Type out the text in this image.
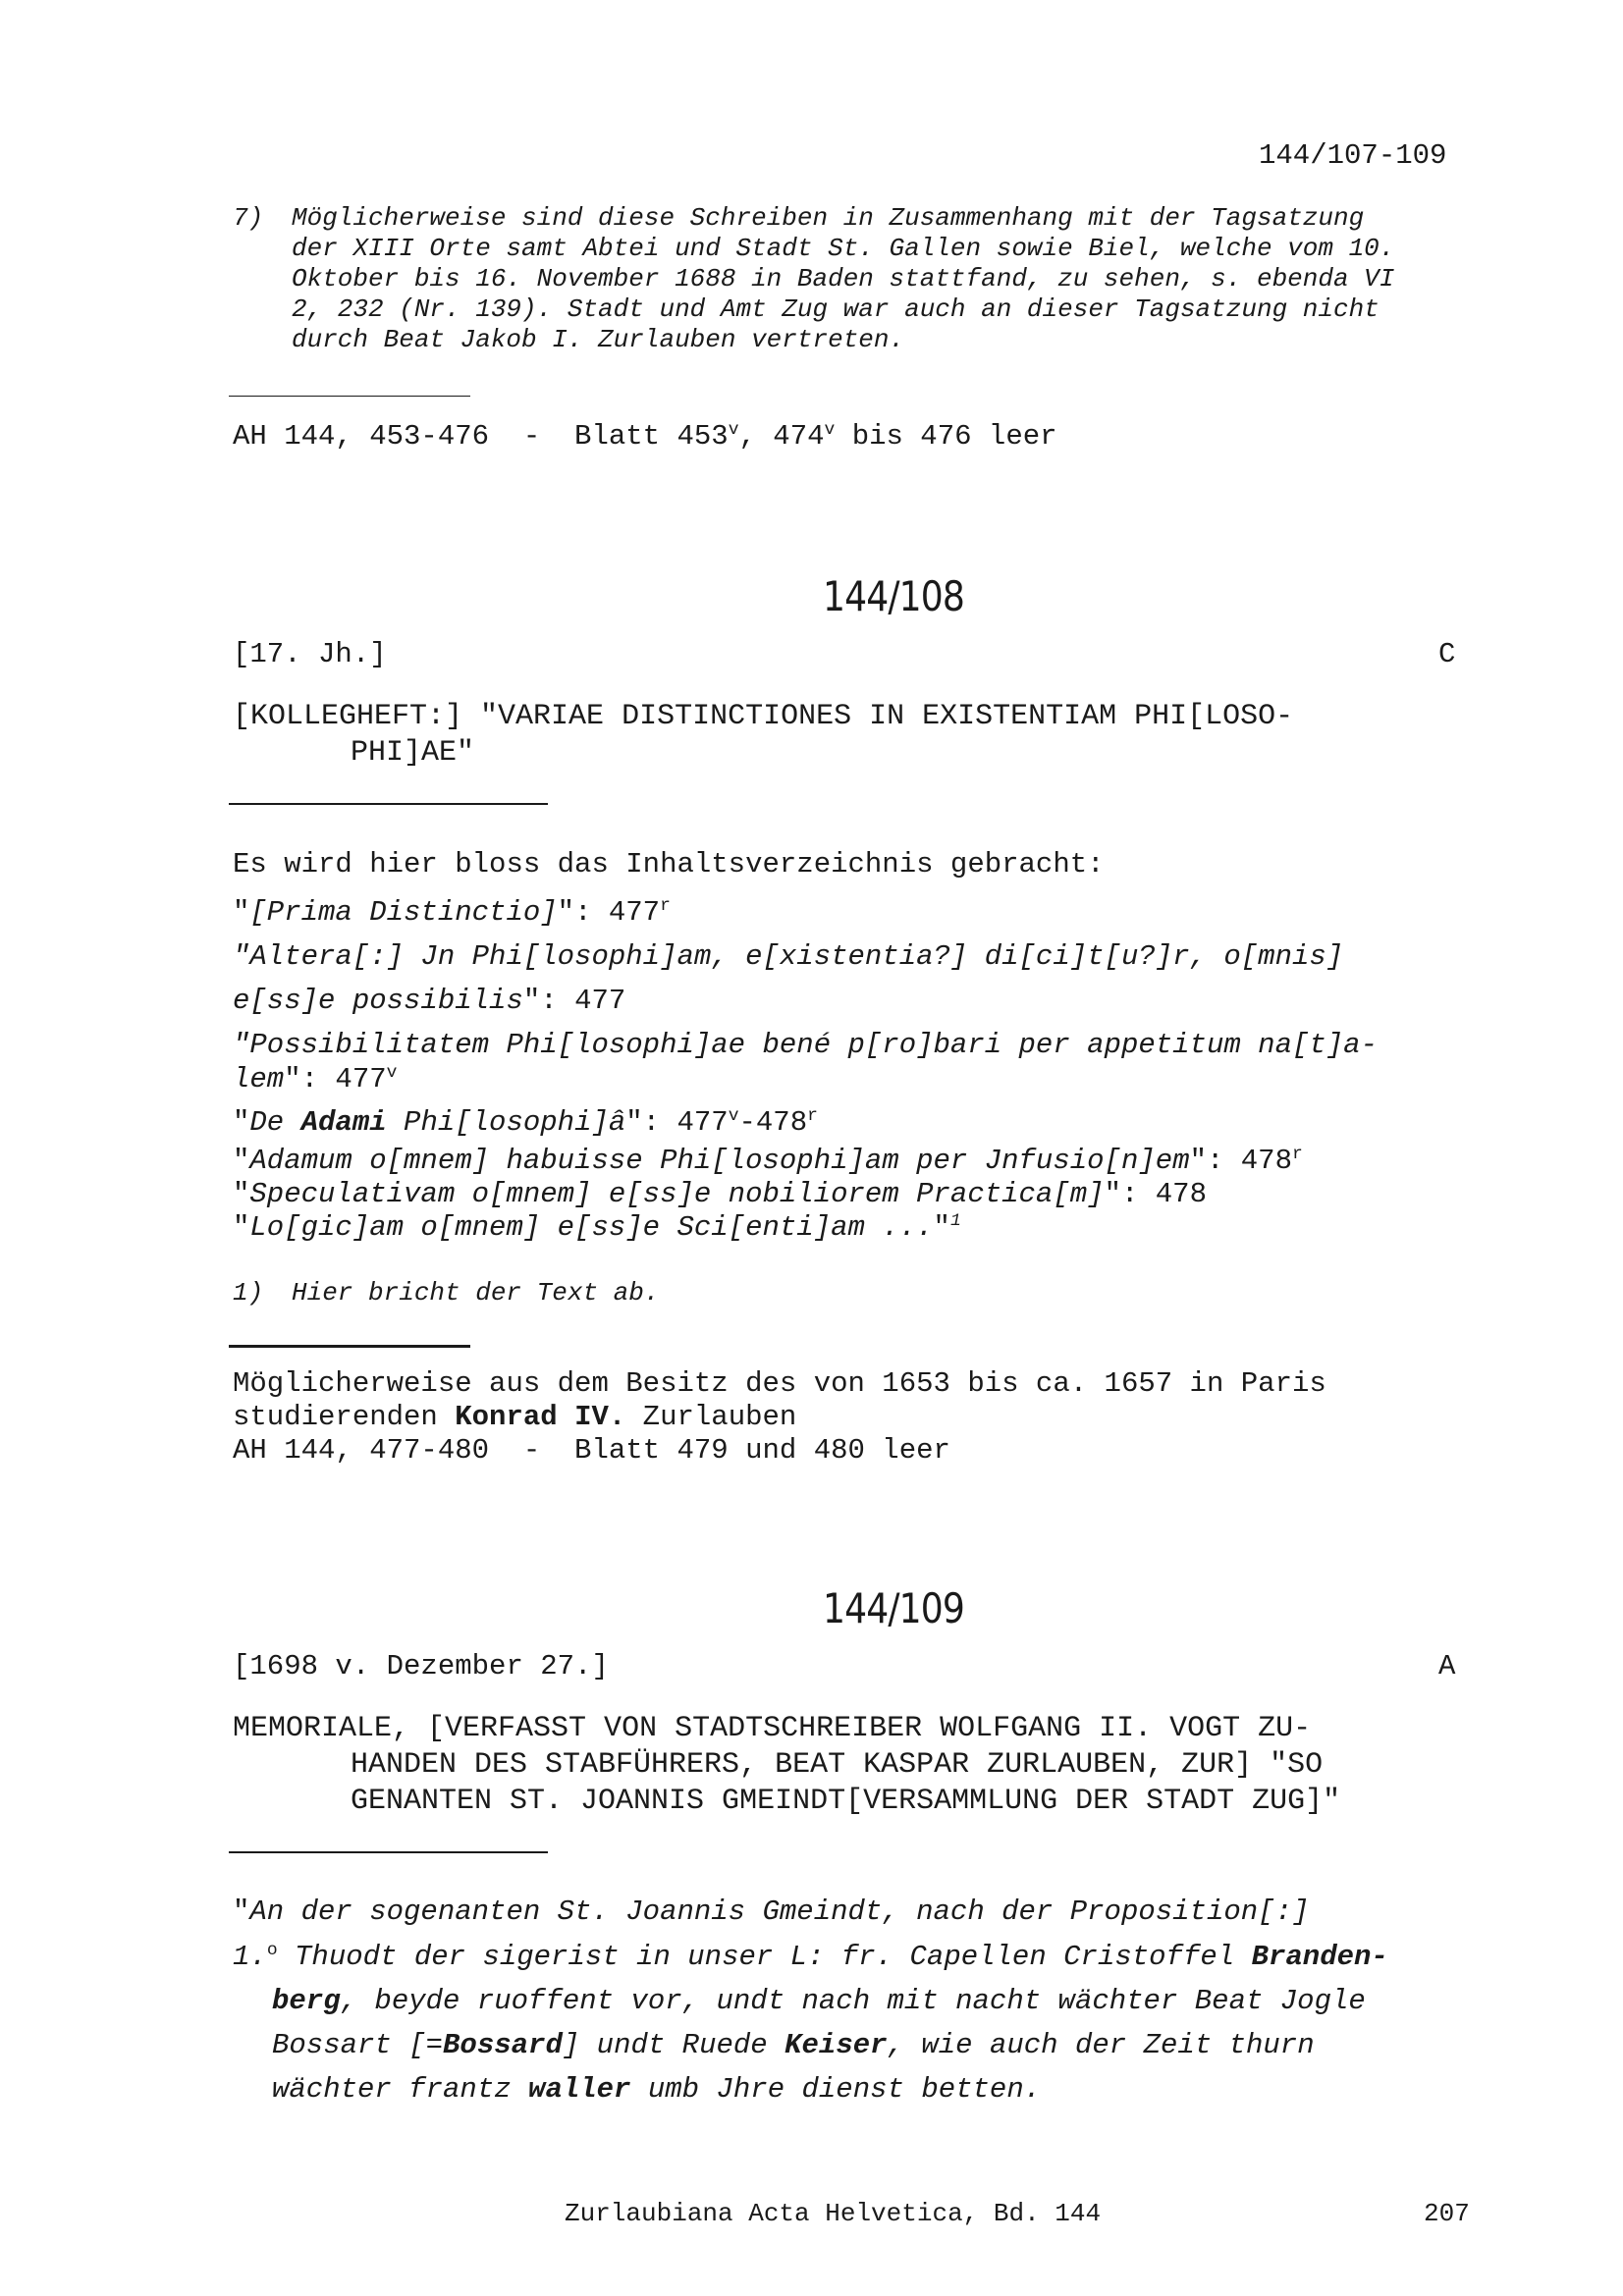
144/107-109
7) Möglicherweise sind diese Schreiben in Zusammenhang mit der Tagsatzung
der XIII Orte samt Abtei und Stadt St. Gallen sowie Biel, welche vom 10.
Oktober bis 16. November 1688 in Baden stattfand, zu sehen, s. ebenda VI
2, 232 (Nr. 139). Stadt und Amt Zug war auch an dieser Tagsatzung nicht
durch Beat Jakob I. Zurlauben vertreten.
AH 144, 453-476  -  Blatt 453$^v$, 474$^v$ bis 476 leer
144/108
[17. Jh.]	C
[KOLLEGHEFT:] "VARIAE DISTINCTIONES IN EXISTENTIAM PHI[LOSO-
PHI]AE"
Es wird hier bloss das Inhaltsverzeichnis gebracht:
"[Prima Distinctio]": 477$^r$
"Altera[:] Jn Phi[losophi]am, e[xistentia?] di[ci]t[u?]r, o[mnis]
e[ss]e possibilis": 477
"Possibilitatem Phi[losophi]ae bené p[ro]bari per appetitum na[t]a-
lem": 477$^v$
"De Adami Phi[losophi]â": 477$^v$-478$^r$
"Adamum o[mnem] habuisse Phi[losophi]am per Jnfusio[n]em": 478$^r$
"Speculativam o[mnem] e[ss]e nobiliorem Practica[m]": 478
"Lo[gic]am o[mnem] e[ss]e Sci[enti]am ..."$^1$
1) Hier bricht der Text ab.
Möglicherweise aus dem Besitz des von 1653 bis ca. 1657 in Paris
studierenden Konrad IV. Zurlauben
AH 144, 477-480  -  Blatt 479 und 480 leer
144/109
[1698 v. Dezember 27.]	A
MEMORIALE, [VERFASST VON STADTSCHREIBER WOLFGANG II. VOGT ZU-
HANDEN DES STABFÜHRERS, BEAT KASPAR ZURLAUBEN, ZUR] "SO
GENANTEN ST. JOANNIS GMEINDT[VERSAMMLUNG DER STADT ZUG]"
"An der sogenanten St. Joannis Gmeindt, nach der Proposition[:]
1.$^o$ Thuodt der sigerist in unser L: fr. Capellen Cristoffel Branden-
berg, beyde ruoffent vor, undt nach mit nacht wächter Beat Jogle
Bossart [=Bossard] undt Ruede Keiser, wie auch der Zeit thurn
wächter frantz waller umb Jhre dienst betten.
Zurlaubiana Acta Helvetica, Bd. 144	207
